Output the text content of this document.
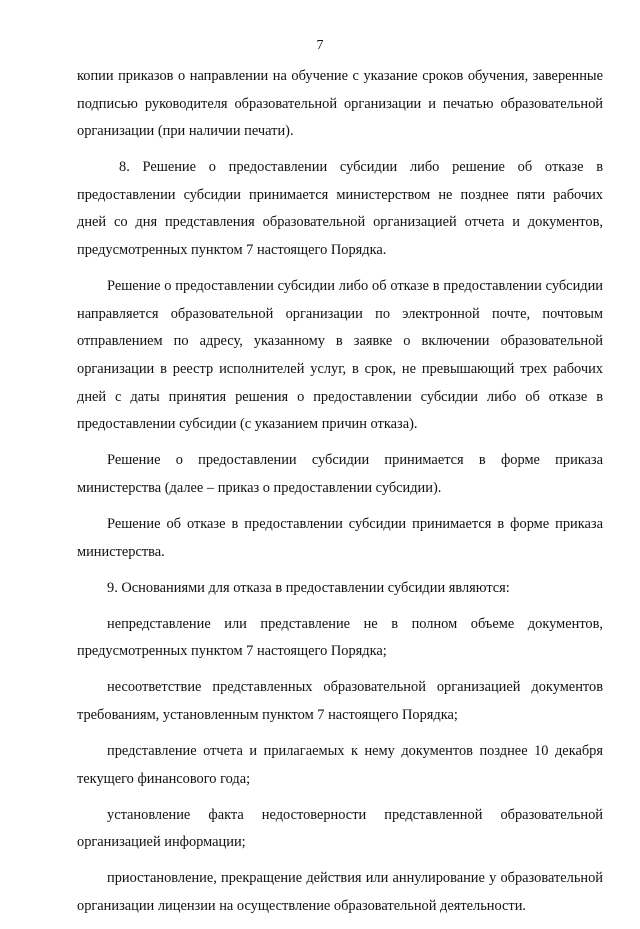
7

копии приказов о направлении на обучение с указание сроков обучения, заверенные подписью руководителя образовательной организации и печатью образовательной организации (при наличии печати).

8. Решение о предоставлении субсидии либо решение об отказе в предоставлении субсидии принимается министерством не позднее пяти рабочих дней со дня представления образовательной организацией отчета и документов, предусмотренных пунктом 7 настоящего Порядка.

Решение о предоставлении субсидии либо об отказе в предоставлении субсидии направляется образовательной организации по электронной почте, почтовым отправлением по адресу, указанному в заявке о включении образовательной организации в реестр исполнителей услуг, в срок, не превышающий трех рабочих дней с даты принятия решения о предоставлении субсидии либо об отказе в предоставлении субсидии (с указанием причин отказа).

Решение о предоставлении субсидии принимается в форме приказа министерства (далее – приказ о предоставлении субсидии).

Решение об отказе в предоставлении субсидии принимается в форме приказа министерства.

9. Основаниями для отказа в предоставлении субсидии являются:

непредставление или представление не в полном объеме документов, предусмотренных пунктом 7 настоящего Порядка;

несоответствие представленных образовательной организацией документов требованиям, установленным пунктом 7 настоящего Порядка;

представление отчета и прилагаемых к нему документов позднее 10 декабря текущего финансового года;

установление факта недостоверности представленной образовательной организацией информации;

приостановление, прекращение действия или аннулирование у образовательной организации лицензии на осуществление образовательной деятельности.
